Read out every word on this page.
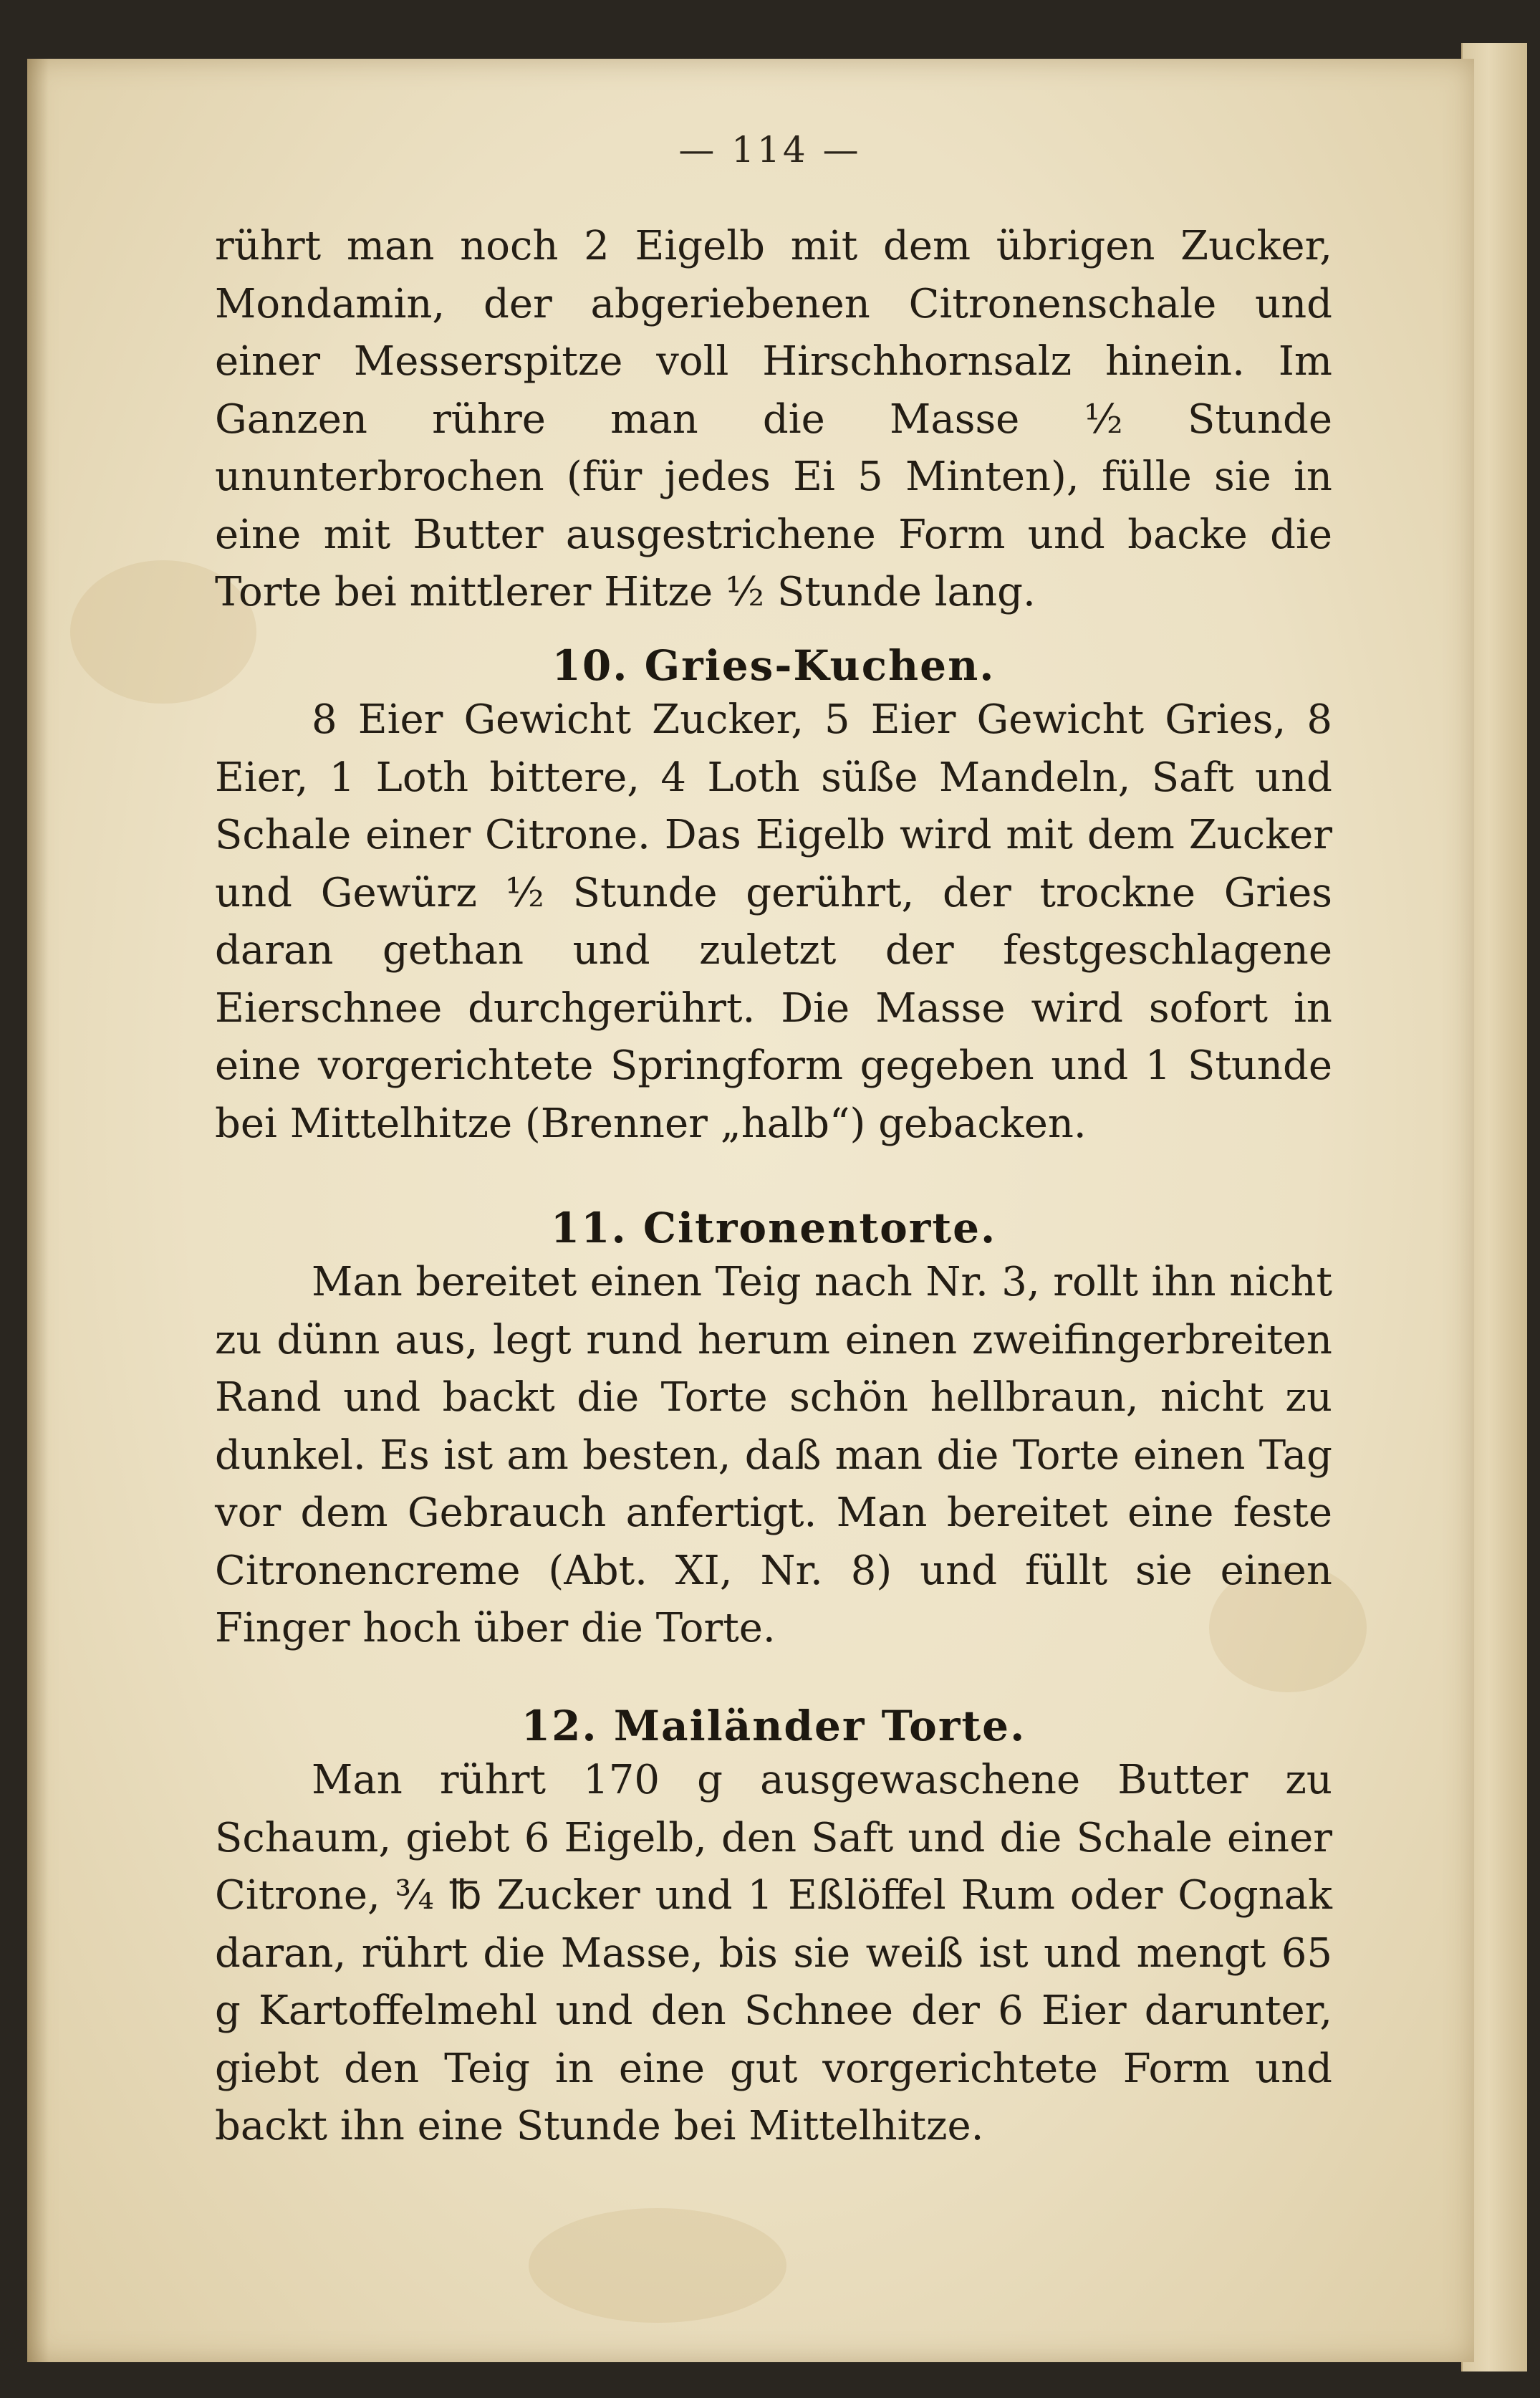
— 114 —

rührt man noch 2 Eigelb mit dem übrigen Zucker, Mondamin, der abgeriebenen Citronenschale und einer Messerspitze voll Hirschhornsalz hinein. Im Ganzen rühre man die Masse ½ Stunde ununterbrochen (für jedes Ei 5 Minten), fülle sie in eine mit Butter ausgestrichene Form und backe die Torte bei mittlerer Hitze ½ Stunde lang.

10. Gries-Kuchen.

8 Eier Gewicht Zucker, 5 Eier Gewicht Gries, 8 Eier, 1 Loth bittere, 4 Loth süße Mandeln, Saft und Schale einer Citrone. Das Eigelb wird mit dem Zucker und Gewürz ½ Stunde gerührt, der trockne Gries daran gethan und zuletzt der festgeschlagene Eierschnee durchgerührt. Die Masse wird sofort in eine vorgerichtete Springform gegeben und 1 Stunde bei Mittelhitze (Brenner „halb“) gebacken.

11. Citronentorte.

Man bereitet einen Teig nach Nr. 3, rollt ihn nicht zu dünn aus, legt rund herum einen zweifingerbreiten Rand und backt die Torte schön hellbraun, nicht zu dunkel. Es ist am besten, daß man die Torte einen Tag vor dem Gebrauch anfertigt. Man bereitet eine feste Citronencreme (Abt. XI, Nr. 8) und füllt sie einen Finger hoch über die Torte.

12. Mailänder Torte.

Man rührt 170 g ausgewaschene Butter zu Schaum, giebt 6 Eigelb, den Saft und die Schale einer Citrone, ¾ ℔ Zucker und 1 Eßlöffel Rum oder Cognak daran, rührt die Masse, bis sie weiß ist und mengt 65 g Kartoffelmehl und den Schnee der 6 Eier darunter, giebt den Teig in eine gut vorgerichtete Form und backt ihn eine Stunde bei Mittelhitze.
